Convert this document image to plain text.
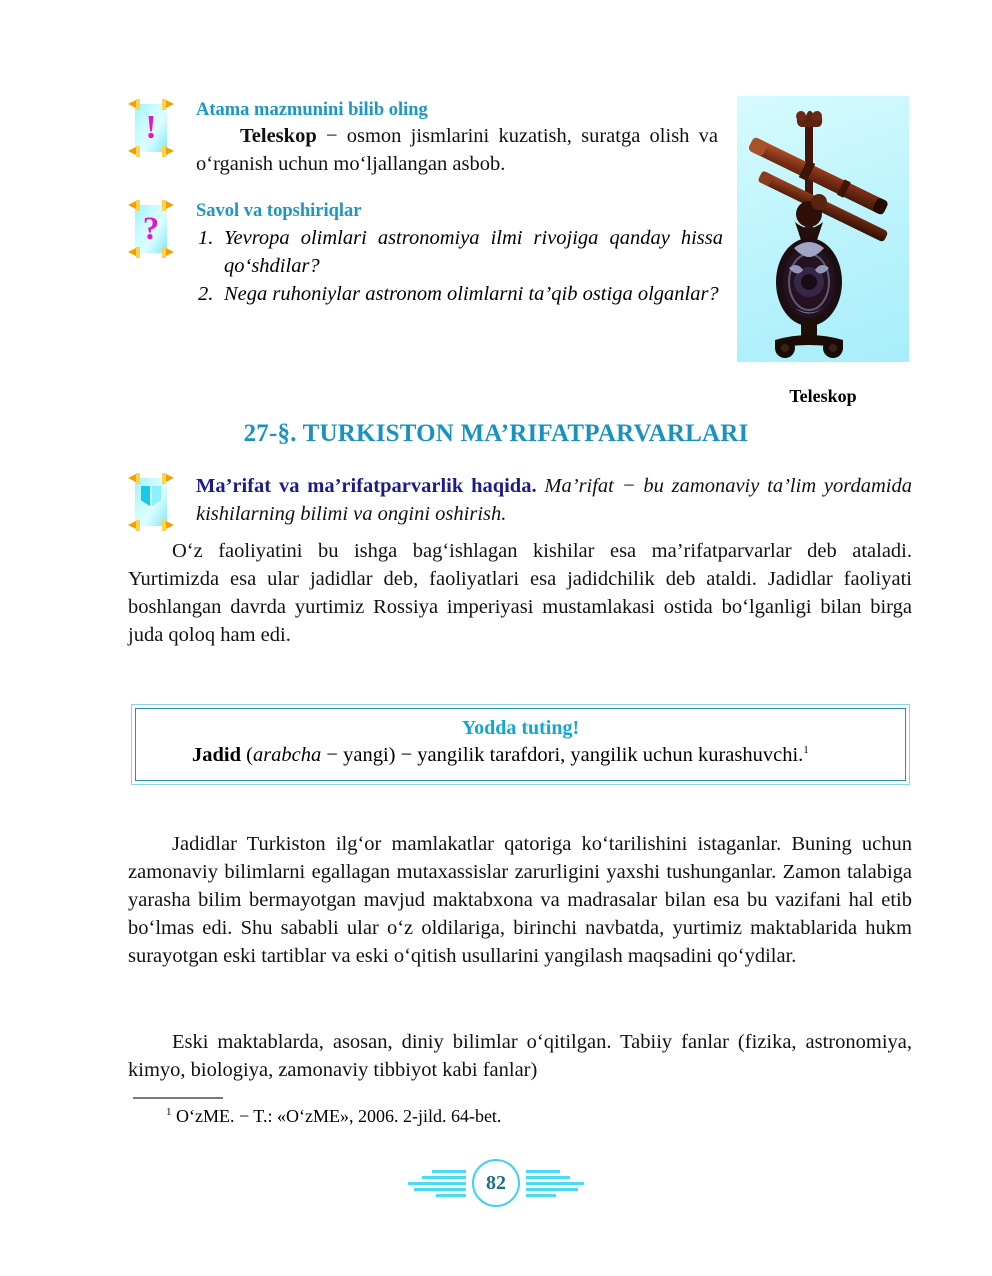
!	Atama mazmunini bilib oling
Teleskop − osmon jismlarini kuzatish, suratga olish va o‘rganish uchun mo‘ljallangan asbob.
?	Savol va topshiriqlar
1. Yevropa olimlari astronomiya ilmi rivojiga qanday hissa qo‘shdilar?
2. Nega ruhoniylar astronom olimlarni ta’qib ostiga olganlar?
Teleskop
27-§. TURKISTON MA’RIFATPARVARLARI
Ma’rifat va ma’rifatparvarlik haqida. Ma’rifat − bu zamonaviy ta’lim yordamida kishilarning bilimi va ongini oshirish.
O‘z faoliyatini bu ishga bag‘ishlagan kishilar esa ma’rifatparvarlar deb ataladi. Yurtimizda esa ular jadidlar deb, faoliyatlari esa jadidchilik deb ataldi. Jadidlar faoliyati boshlangan davrda yurtimiz Rossiya imperiyasi mustamlakasi ostida bo‘lganligi bilan birga juda qoloq ham edi.
Yodda tuting!
Jadid (arabcha − yangi) − yangilik tarafdori, yangilik uchun kurashuvchi.$^1$
Jadidlar Turkiston ilg‘or mamlakatlar qatoriga ko‘tarilishini istaganlar. Buning uchun zamonaviy bilimlarni egallagan mutaxassislar zarurligini yaxshi tushunganlar. Zamon talabiga yarasha bilim bermayotgan mavjud maktabxona va madrasalar bilan esa bu vazifani hal etib bo‘lmas edi. Shu sababli ular o‘z oldilariga, birinchi navbatda, yurtimiz maktablarida hukm surayotgan eski tartiblar va eski o‘qitish usullarini yangilash maqsadini qo‘ydilar.
Eski maktablarda, asosan, diniy bilimlar o‘qitilgan. Tabiiy fanlar (fizika, astronomiya, kimyo, biologiya, zamonaviy tibbiyot kabi fanlar)
$^1$ O‘zME. − T.: «O‘zME», 2006. 2-jild. 64-bet.
82
